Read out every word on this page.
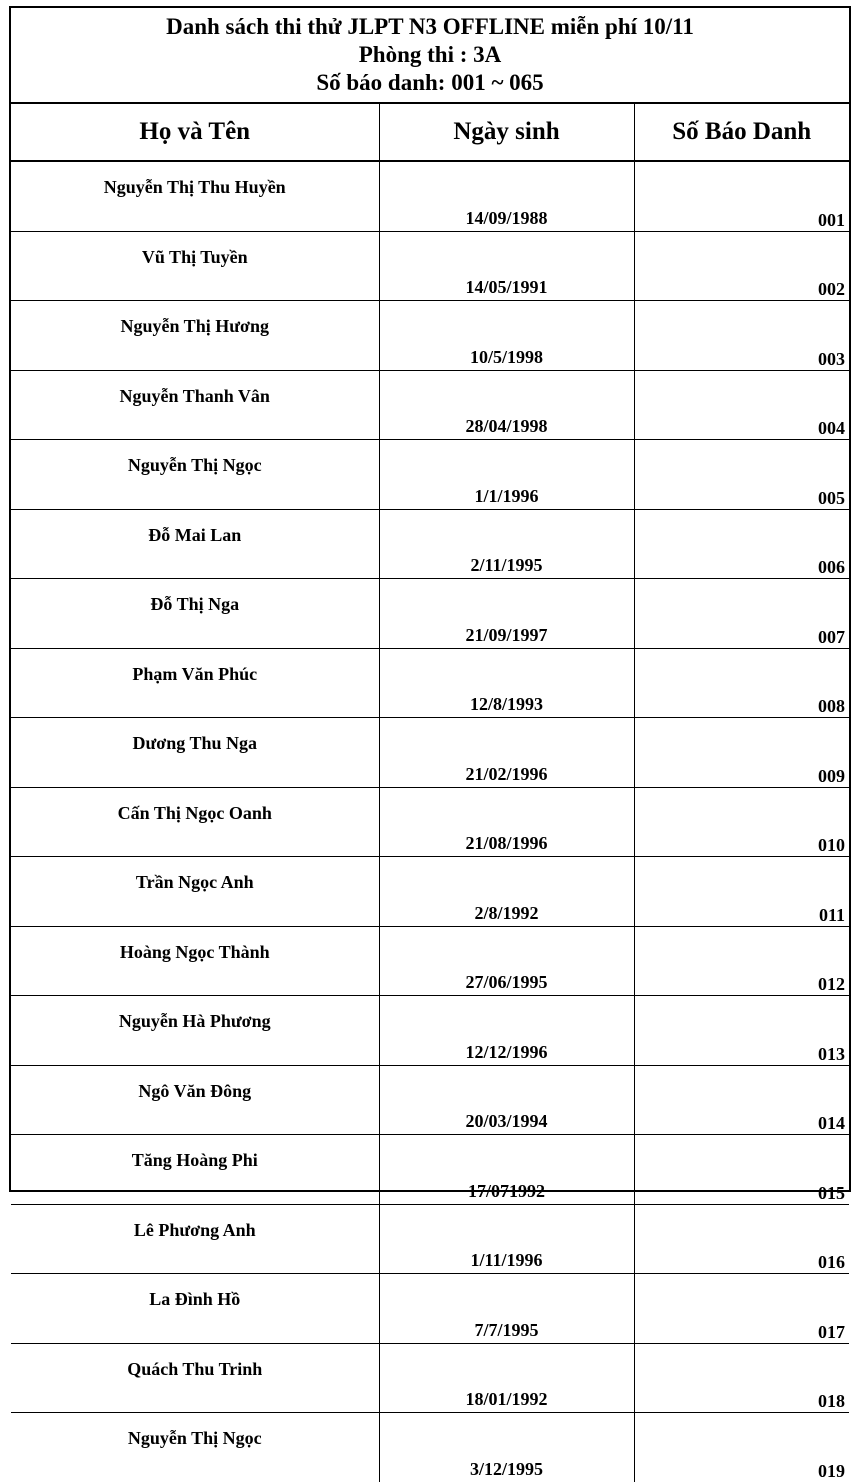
Danh sách thi thử JLPT N3 OFFLINE miễn phí 10/11
Phòng thi : 3A
Số báo danh: 001 ~ 065
Họ và Tên	Ngày sinh	Số Báo Danh
Nguyễn Thị Thu Huyền	14/09/1988	001
Vũ Thị Tuyền	14/05/1991	002
Nguyễn Thị Hương	10/5/1998	003
Nguyễn Thanh Vân	28/04/1998	004
Nguyễn Thị Ngọc	1/1/1996	005
Đỗ Mai Lan	2/11/1995	006
Đỗ Thị Nga	21/09/1997	007
Phạm Văn Phúc	12/8/1993	008
Dương Thu Nga	21/02/1996	009
Cấn Thị Ngọc Oanh	21/08/1996	010
Trần Ngọc Anh	2/8/1992	011
Hoàng Ngọc Thành	27/06/1995	012
Nguyễn Hà Phương	12/12/1996	013
Ngô Văn Đông	20/03/1994	014
Tăng Hoàng Phi	17/071992	015
Lê Phương Anh	1/11/1996	016
La Đình Hồ	7/7/1995	017
Quách Thu Trinh	18/01/1992	018
Nguyễn Thị Ngọc	3/12/1995	019
